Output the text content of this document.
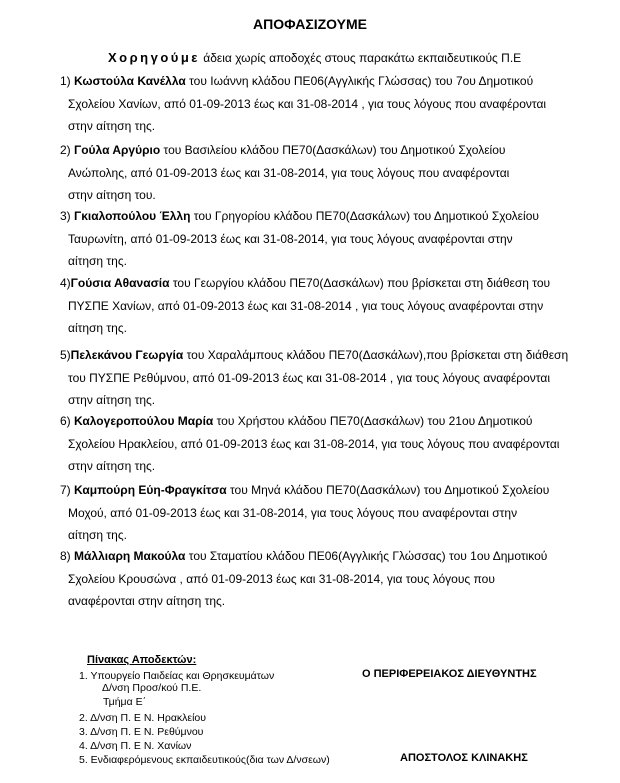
ΑΠΟΦΑΣΙΖΟΥΜΕ
Χορηγούμε άδεια χωρίς αποδοχές στους παρακάτω εκπαιδευτικούς Π.Ε
1) Κωστούλα Κανέλλα του Ιωάννη κλάδου ΠΕ06(Αγγλικής Γλώσσας) του 7ου Δημοτικού
Σχολείου Χανίων, από 01-09-2013 έως και 31-08-2014 , για τους λόγους που αναφέρονται
στην αίτηση της.
2) Γούλα Αργύριο του Βασιλείου κλάδου ΠΕ70(Δασκάλων) του Δημοτικού Σχολείου
Ανώπολης, από 01-09-2013 έως και 31-08-2014, για τους λόγους που αναφέρονται
στην αίτηση του.
3) Γκιαλοπούλου Έλλη του Γρηγορίου κλάδου ΠΕ70(Δασκάλων) του Δημοτικού Σχολείου
Ταυρωνίτη, από 01-09-2013 έως και 31-08-2014, για τους λόγους αναφέρονται στην
αίτηση της.
4)Γούσια Αθανασία του Γεωργίου κλάδου ΠΕ70(Δασκάλων) που βρίσκεται στη διάθεση του
ΠΥΣΠΕ Χανίων, από 01-09-2013 έως και 31-08-2014 , για τους λόγους αναφέρονται στην
αίτηση της.
5)Πελεκάνου Γεωργία του Χαραλάμπους κλάδου ΠΕ70(Δασκάλων),που βρίσκεται στη διάθεση
του ΠΥΣΠΕ Ρεθύμνου, από 01-09-2013 έως και 31-08-2014 , για τους λόγους αναφέρονται
στην αίτηση της.
6) Καλογεροπούλου Μαρία του Χρήστου κλάδου ΠΕ70(Δασκάλων) του 21ου Δημοτικού
Σχολείου Ηρακλείου, από 01-09-2013 έως και 31-08-2014, για τους λόγους που αναφέρονται
στην αίτηση της.
7) Καμπούρη Εύη-Φραγκίτσα του Μηνά κλάδου ΠΕ70(Δασκάλων) του Δημοτικού Σχολείου
Μοχού, από 01-09-2013 έως και 31-08-2014, για τους λόγους που αναφέρονται στην
αίτηση της.
8) Μάλλιαρη Μακούλα του Σταματίου κλάδου ΠΕ06(Αγγλικής Γλώσσας) του 1ου Δημοτικού
Σχολείου Κρουσώνα , από 01-09-2013 έως και 31-08-2014, για τους λόγους που
αναφέρονται στην αίτηση της.
Πίνακας Αποδεκτών:
1. Υπουργείο Παιδείας και Θρησκευμάτων
Δ/νση Προσ/κού Π.Ε.
Τμήμα Ε΄
2. Δ/νση Π. Ε Ν. Ηρακλείου
3. Δ/νση Π. Ε Ν. Ρεθύμνου
4. Δ/νση Π. Ε Ν. Χανίων
5. Ενδιαφερόμενους εκπαιδευτικούς(δια των Δ/νσεων)
Ο ΠΕΡΙΦΕΡΕΙΑΚΟΣ ΔΙΕΥΘΥΝΤΗΣ
ΑΠΟΣΤΟΛΟΣ ΚΛΙΝΑΚΗΣ
